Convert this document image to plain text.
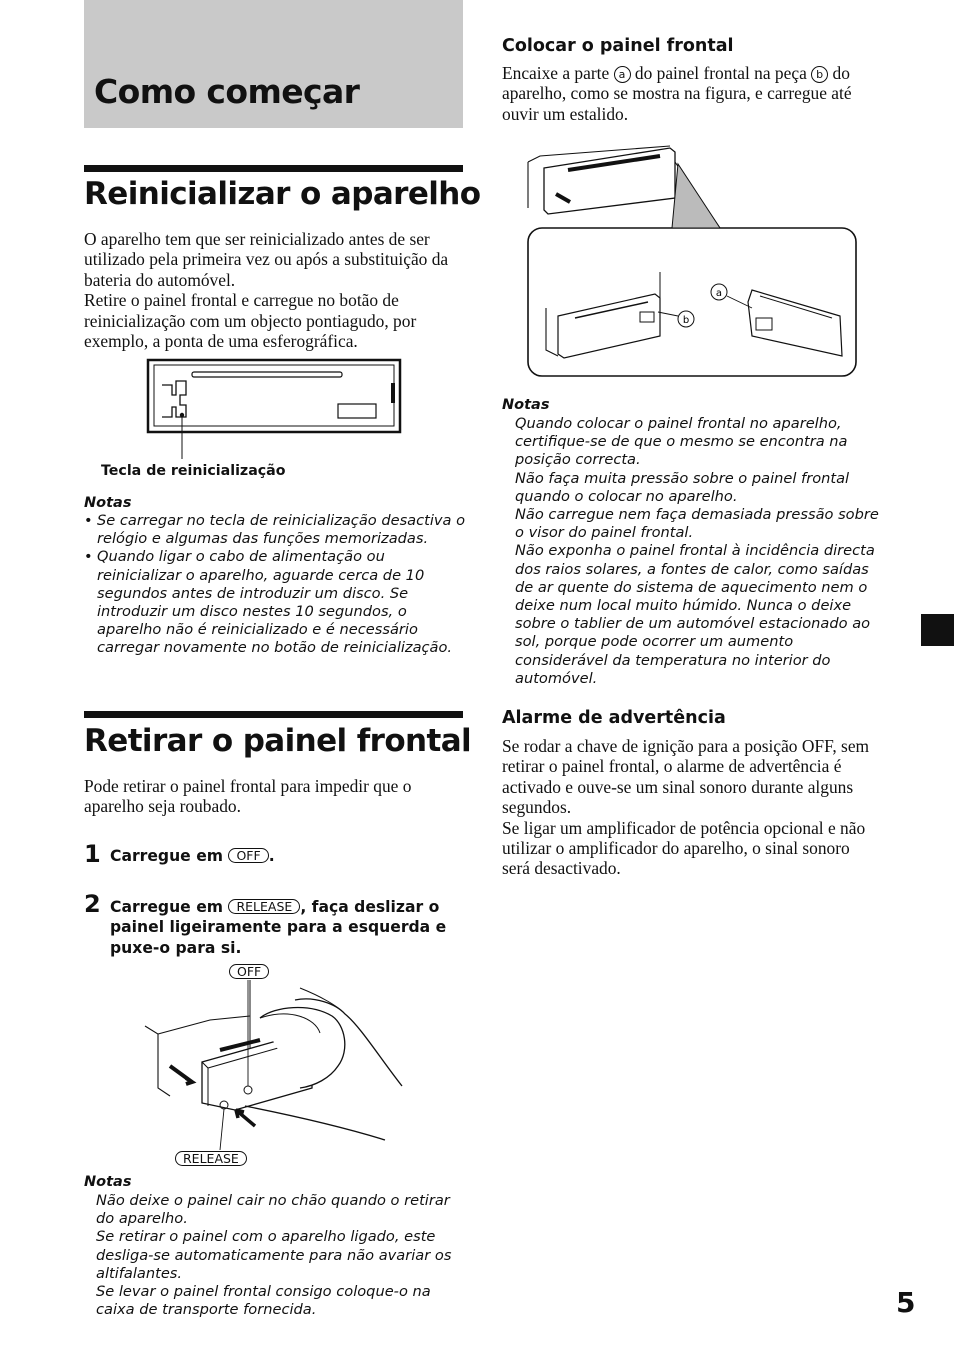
Como começar
Reinicializar o aparelho
O aparelho tem que ser reinicializado antes de ser utilizado pela primeira vez ou após a substituição da bateria do automóvel.
Retire o painel frontal e carregue no botão de reinicialização com um objecto pontiagudo, por exemplo, a ponta de uma esferográfica.
Tecla de reinicialização
Notas
• Se carregar no tecla de reinicialização desactiva o relógio e algumas das funções memorizadas.
• Quando ligar o cabo de alimentação ou reinicializar o aparelho, aguarde cerca de 10 segundos antes de introduzir um disco. Se introduzir um disco nestes 10 segundos, o aparelho não é reinicializado e é necessário carregar novamente no botão de reinicialização.
Retirar o painel frontal
Pode retirar o painel frontal para impedir que o aparelho seja roubado.
1 Carregue em OFF .
2 Carregue em RELEASE , faça deslizar o painel ligeiramente para a esquerda e puxe-o para si.
OFF
RELEASE
Notas
Não deixe o painel cair no chão quando o retirar do aparelho.
Se retirar o painel com o aparelho ligado, este desliga-se automaticamente para não avariar os altifalantes.
Se levar o painel frontal consigo coloque-o na caixa de transporte fornecida.
Colocar o painel frontal
Encaixe a parte a do painel frontal na peça b do aparelho, como se mostra na figura, e carregue até ouvir um estalido.
a
b
Notas
Quando colocar o painel frontal no aparelho, certifique-se de que o mesmo se encontra na posição correcta.
Não faça muita pressão sobre o painel frontal quando o colocar no aparelho.
Não carregue nem faça demasiada pressão sobre o visor do painel frontal.
Não exponha o painel frontal à incidência directa dos raios solares, a fontes de calor, como saídas de ar quente do sistema de aquecimento nem o deixe num local muito húmido. Nunca o deixe sobre o tablier de um automóvel estacionado ao sol, porque pode ocorrer um aumento considerável da temperatura no interior do automóvel.
Alarme de advertência
Se rodar a chave de ignição para a posição OFF, sem retirar o painel frontal, o alarme de advertência é activado e ouve-se um sinal sonoro durante alguns segundos.
Se ligar um amplificador de potência opcional e não utilizar o amplificador do aparelho, o sinal sonoro será desactivado.
5
